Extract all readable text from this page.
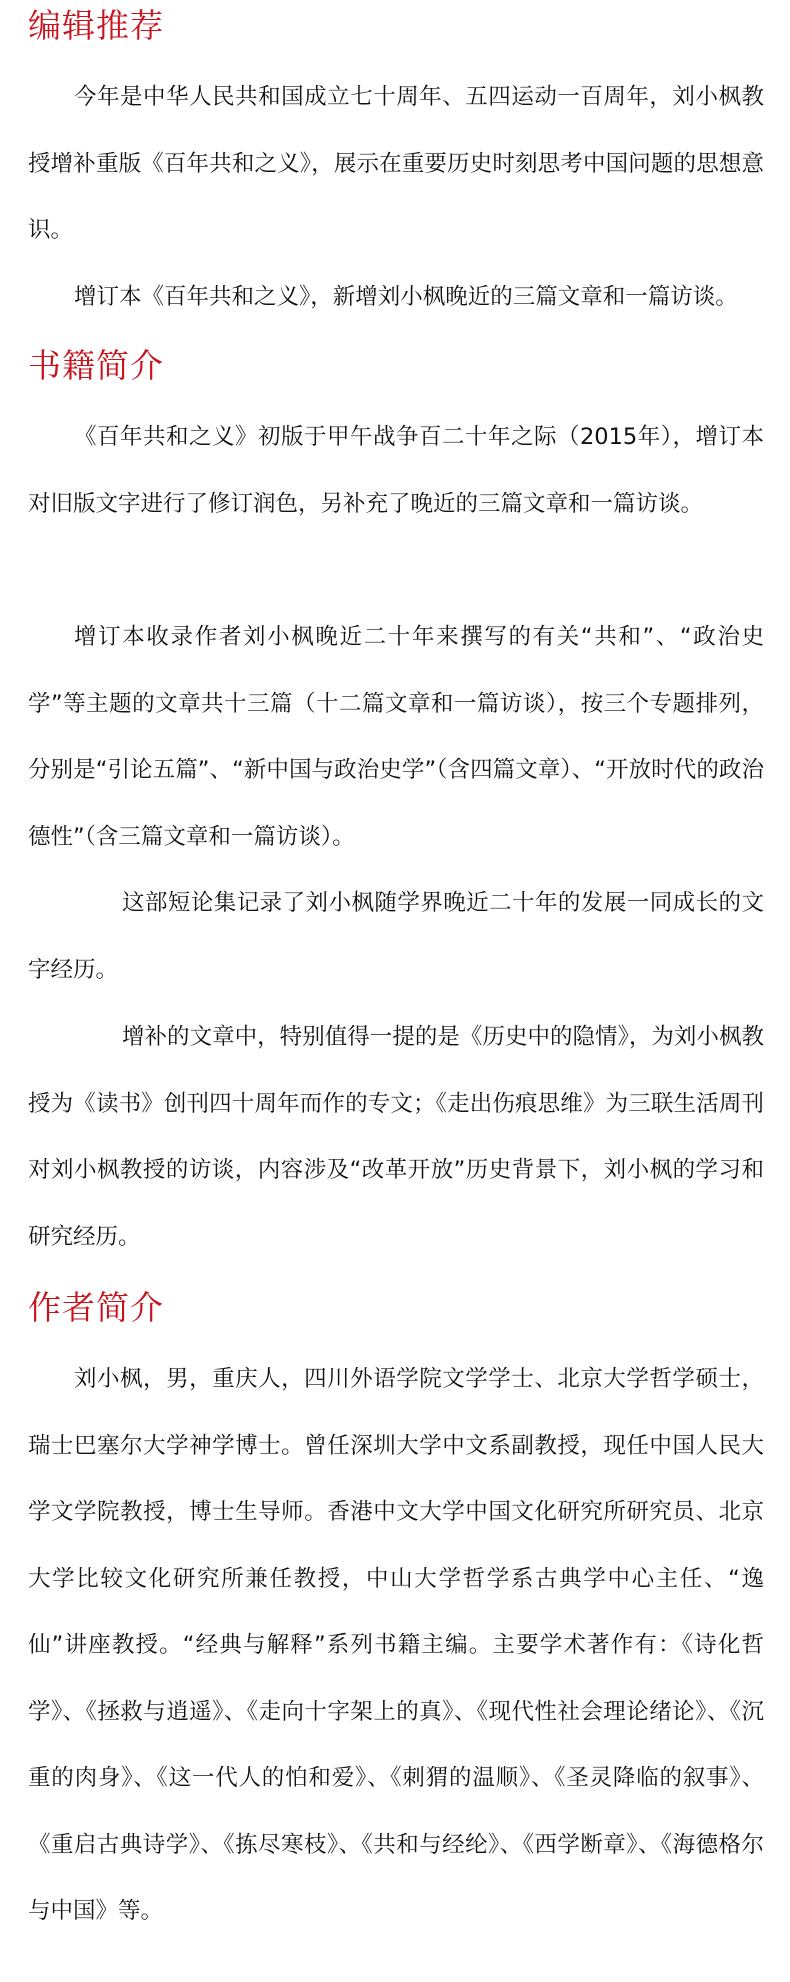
编辑推荐

今年是中华人民共和国成立七十周年、五四运动一百周年，刘小枫教授增补重版《百年共和之义》，展示在重要历史时刻思考中国问题的思想意识。

增订本《百年共和之义》，新增刘小枫晚近的三篇文章和一篇访谈。

书籍简介

《百年共和之义》初版于甲午战争百二十年之际（2015年），增订本对旧版文字进行了修订润色，另补充了晚近的三篇文章和一篇访谈。

增订本收录作者刘小枫晚近二十年来撰写的有关“共和”、“政治史学”等主题的文章共十三篇（十二篇文章和一篇访谈），按三个专题排列，分别是“引论五篇”、“新中国与政治史学”（含四篇文章）、“开放时代的政治德性”（含三篇文章和一篇访谈）。

这部短论集记录了刘小枫随学界晚近二十年的发展一同成长的文字经历。

增补的文章中，特别值得一提的是《历史中的隐情》，为刘小枫教授为《读书》创刊四十周年而作的专文；《走出伤痕思维》为三联生活周刊对刘小枫教授的访谈，内容涉及“改革开放”历史背景下，刘小枫的学习和研究经历。

作者简介

刘小枫，男，重庆人，四川外语学院文学学士、北京大学哲学硕士，瑞士巴塞尔大学神学博士。曾任深圳大学中文系副教授，现任中国人民大学文学院教授，博士生导师。香港中文大学中国文化研究所研究员、北京大学比较文化研究所兼任教授，中山大学哲学系古典学中心主任、“逸仙”讲座教授。“经典与解释”系列书籍主编。主要学术著作有：《诗化哲学》、《拯救与逍遥》、《走向十字架上的真》、《现代性社会理论绪论》、《沉重的肉身》、《这一代人的怕和爱》、《刺猬的温顺》、《圣灵降临的叙事》、《重启古典诗学》、《拣尽寒枝》、《共和与经纶》、《西学断章》、《海德格尔与中国》等。
